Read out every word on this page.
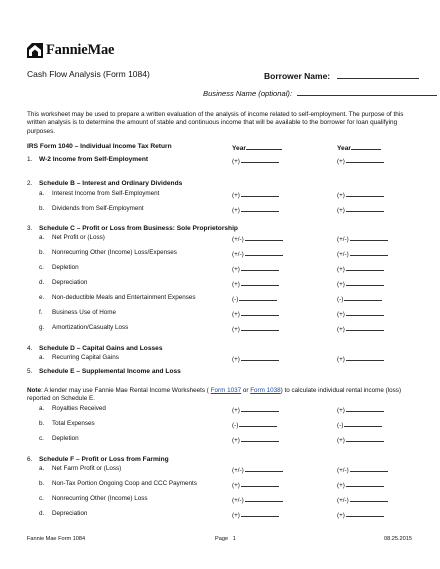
FannieMae
Cash Flow Analysis (Form 1084)	Borrower Name:
Business Name (optional):
This worksheet may be used to prepare a written evaluation of the analysis of income related to self-employment. The purpose of this written analysis is to determine the amount of stable and continuous income that will be available to the borrower for loan qualifying purposes.
IRS Form 1040 – Individual Income Tax Return	Year	Year
1. W-2 Income from Self-Employment	(+)	(+)
2. Schedule B – Interest and Ordinary Dividends
a. Interest Income from Self-Employment	(+)	(+)
b. Dividends from Self-Employment	(+)	(+)
3. Schedule C – Profit or Loss from Business: Sole Proprietorship
a. Net Profit or (Loss)	(+/-)	(+/-)
b. Nonrecurring Other (Income) Loss/Expenses	(+/-)	(+/-)
c. Depletion	(+)	(+)
d. Depreciation	(+)	(+)
e. Non-deductible Meals and Entertainment Expenses	(-)	(-)
f. Business Use of Home	(+)	(+)
g. Amortization/Casualty Loss	(+)	(+)
4. Schedule D – Capital Gains and Losses
a. Recurring Capital Gains	(+)	(+)
5. Schedule E – Supplemental Income and Loss
Note: A lender may use Fannie Mae Rental Income Worksheets ( Form 1037 or Form 1038) to calculate individual rental income (loss) reported on Schedule E.
a. Royalties Received	(+)	(+)
b. Total Expenses	(-)	(-)
c. Depletion	(+)	(+)
6. Schedule F – Profit or Loss from Farming
a. Net Farm Profit or (Loss)	(+/-)	(+/-)
b. Non-Tax Portion Ongoing Coop and CCC Payments	(+)	(+)
c. Nonrecurring Other (Income) Loss	(+/-)	(+/-)
d. Depreciation	(+)	(+)
Fannie Mae Form 1084	Page 1	08.25.2015
